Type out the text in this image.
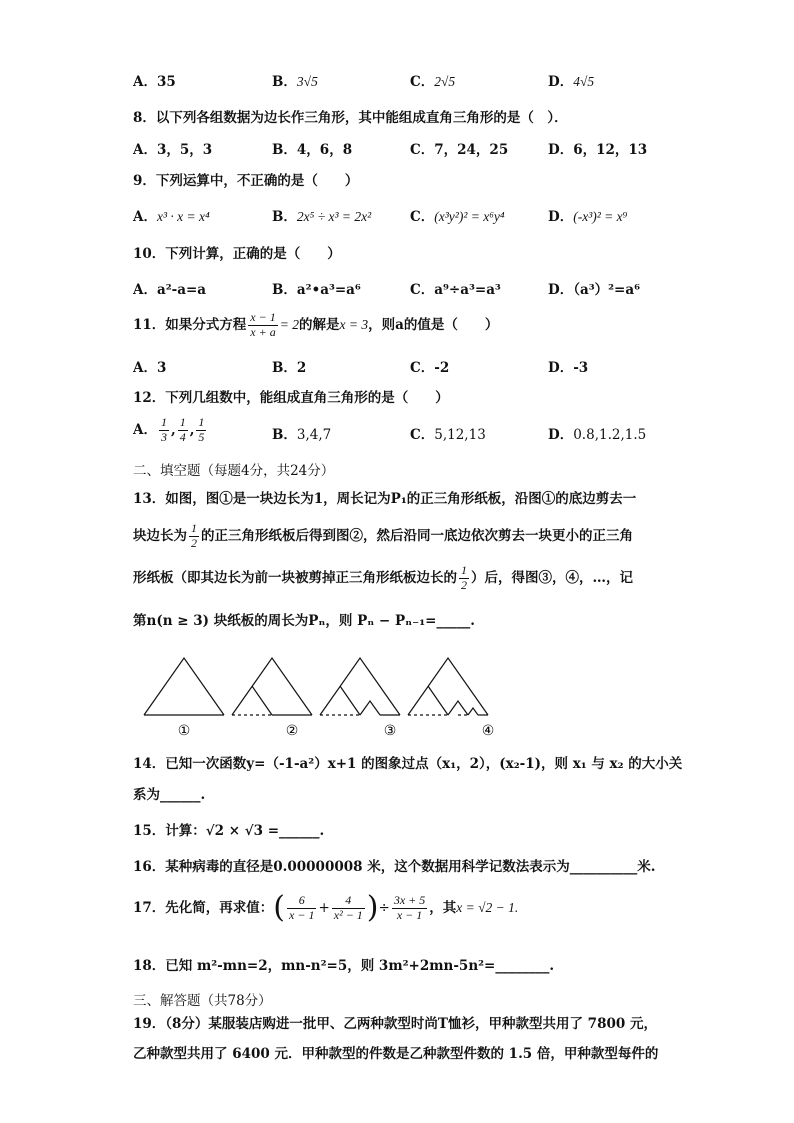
A．35	B．3√5	C．2√5	D．4√5
8．以下列各组数据为边长作三角形，其中能组成直角三角形的是（　）．
A．3，5，3	B．4，6，8	C．7，24，25	D．6，12，13
9．下列运算中，不正确的是（　　）
A．x³ · x = x⁴	B．2x⁵ ÷ x³ = 2x²	C．(x³y²)² = x⁶y⁴	D．(-x³)² = x⁹
10．下列计算，正确的是（　　）
A．a²-a=a	B．a²•a³=a⁶	C．a⁹÷a³=a³	D．（a³）²=a⁶
11．如果分式方程 $\frac{x - 1}{x + a} = 2$的解是x = 3，则a的值是（　　）
A．3	B．2	C．-2	D．-3
12．下列几组数中，能组成直角三角形的是（　　）
A． $\frac{1}{3}$ , $\frac{1}{4}$ , $\frac{1}{5}$	B．3,4,7	C．5,12,13	D．0.8,1.2,1.5
二、填空题（每题4分，共24分）
13．如图，图①是一块边长为1，周长记为P₁的正三角形纸板，沿图①的底边剪去一
块边长为 $\frac{1}{2}$ 的正三角形纸板后得到图②，然后沿同一底边依次剪去一块更小的正三角
形纸板（即其边长为前一块被剪掉正三角形纸板边长的 $\frac{1}{2}$ ）后，得图③，④，…，记
第n(n ≥ 3) 块纸板的周长为Pₙ，则 Pₙ − Pₙ₋₁=_____.
①	②	③	④
14．已知一次函数y=（-1-a²）x+1 的图象过点（x₁，2），(x₂-1)，则 x₁ 与 x₂ 的大小关
系为______.
15．计算：√2 × √3 =______.
16．某种病毒的直径是0.00000008 米，这个数据用科学记数法表示为__________米.
17．先化简，再求值：( $\frac{6}{x - 1} + \frac{4}{\text{x² − 1}}$ )÷ $\frac{3x + 5}{x - 1}$ ，其x = √2 − 1.
18．已知 m²-mn=2，mn-n²=5，则 3m²+2mn-5n²=________.
三、解答题（共78分）
19．（8分）某服装店购进一批甲、乙两种款型时尚T恤衫，甲种款型共用了 7800 元，
乙种款型共用了 6400 元．甲种款型的件数是乙种款型件数的 1.5 倍，甲种款型每件的
